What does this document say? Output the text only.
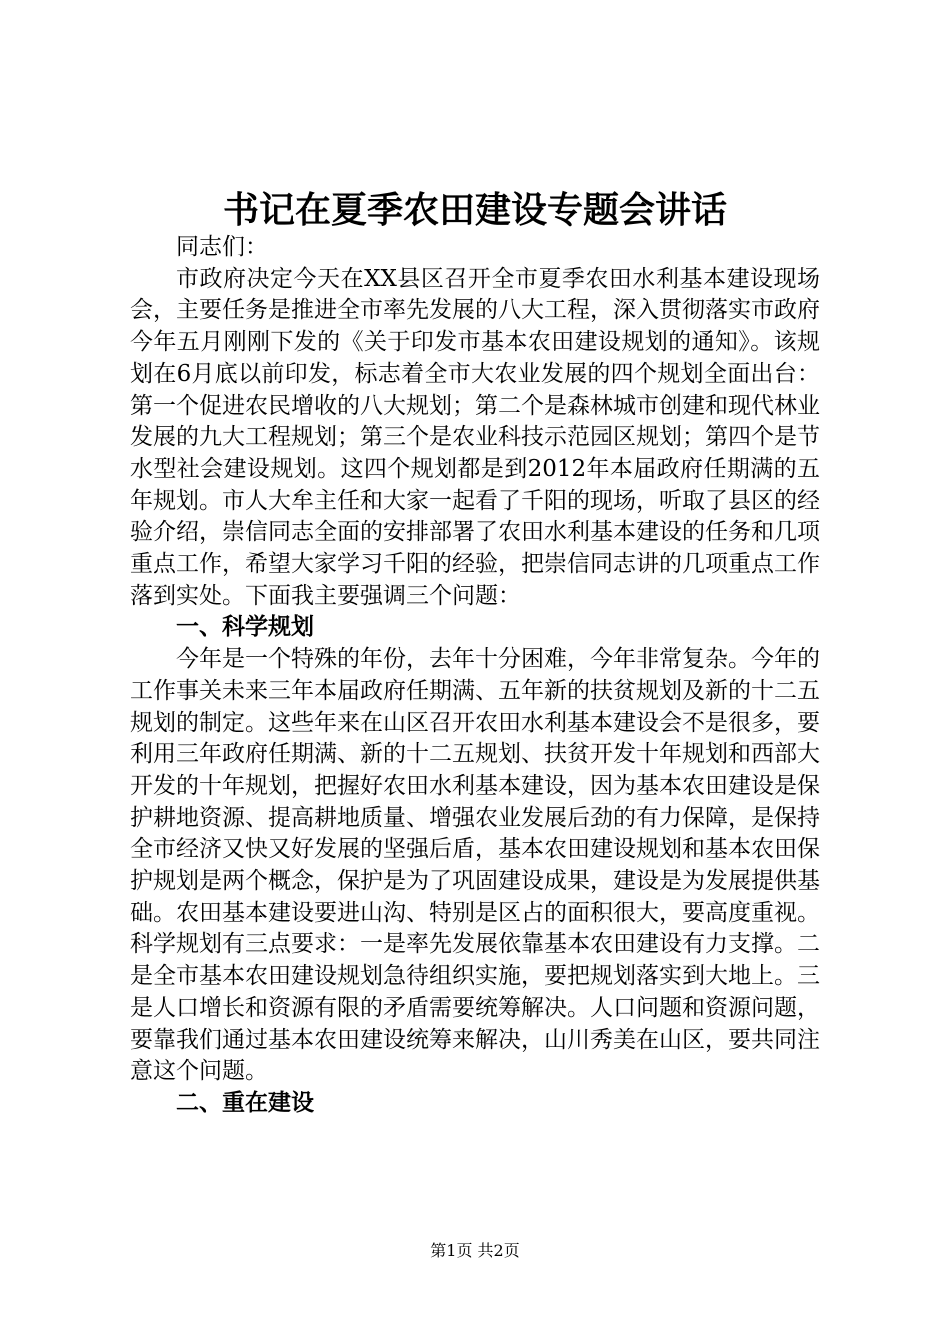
书记在夏季农田建设专题会讲话

同志们：

市政府决定今天在XX县区召开全市夏季农田水利基本建设现场会，主要任务是推进全市率先发展的八大工程，深入贯彻落实市政府今年五月刚刚下发的《关于印发市基本农田建设规划的通知》。该规划在6月底以前印发，标志着全市大农业发展的四个规划全面出台：第一个促进农民增收的八大规划；第二个是森林城市创建和现代林业发展的九大工程规划；第三个是农业科技示范园区规划；第四个是节水型社会建设规划。这四个规划都是到2012年本届政府任期满的五年规划。市人大牟主任和大家一起看了千阳的现场，听取了县区的经验介绍，崇信同志全面的安排部署了农田水利基本建设的任务和几项重点工作，希望大家学习千阳的经验，把崇信同志讲的几项重点工作落到实处。下面我主要强调三个问题：

一、科学规划

今年是一个特殊的年份，去年十分困难，今年非常复杂。今年的工作事关未来三年本届政府任期满、五年新的扶贫规划及新的十二五规划的制定。这些年来在山区召开农田水利基本建设会不是很多，要利用三年政府任期满、新的十二五规划、扶贫开发十年规划和西部大开发的十年规划，把握好农田水利基本建设，因为基本农田建设是保护耕地资源、提高耕地质量、增强农业发展后劲的有力保障，是保持全市经济又快又好发展的坚强后盾，基本农田建设规划和基本农田保护规划是两个概念，保护是为了巩固建设成果，建设是为发展提供基础。农田基本建设要进山沟、特别是区占的面积很大，要高度重视。科学规划有三点要求：一是率先发展依靠基本农田建设有力支撑。二是全市基本农田建设规划急待组织实施，要把规划落实到大地上。三是人口增长和资源有限的矛盾需要统筹解决。人口问题和资源问题，要靠我们通过基本农田建设统筹来解决，山川秀美在山区，要共同注意这个问题。

二、重在建设

第1页 共2页
